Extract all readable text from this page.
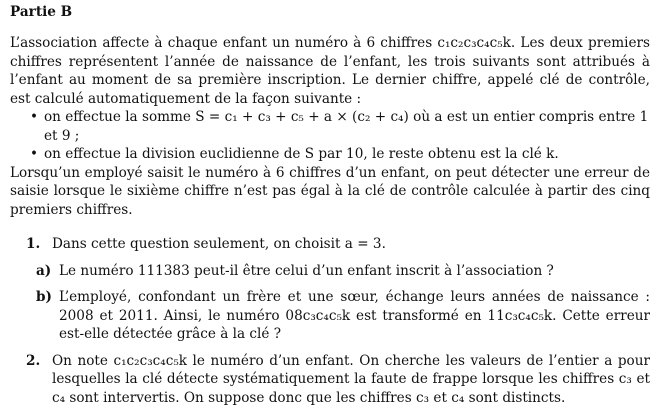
Partie B

L’association affecte à chaque enfant un numéro à 6 chiffres c₁c₂c₃c₄c₅k. Les deux premiers chiffres représentent l’année de naissance de l’enfant, les trois suivants sont attribués à l’enfant au moment de sa première inscription. Le dernier chiffre, appelé clé de contrôle, est calculé automatiquement de la façon suivante :

• on effectue la somme S = c₁ + c₃ + c₅ + a × (c₂ + c₄) où a est un entier compris entre 1 et 9 ;
• on effectue la division euclidienne de S par 10, le reste obtenu est la clé k.

Lorsqu’un employé saisit le numéro à 6 chiffres d’un enfant, on peut détecter une erreur de saisie lorsque le sixième chiffre n’est pas égal à la clé de contrôle calculée à partir des cinq premiers chiffres.

1. Dans cette question seulement, on choisit a = 3.
a) Le numéro 111383 peut-il être celui d’un enfant inscrit à l’association ?
b) L’employé, confondant un frère et une sœur, échange leurs années de naissance : 2008 et 2011. Ainsi, le numéro 08c₃c₄c₅k est transformé en 11c₃c₄c₅k. Cette erreur est-elle détectée grâce à la clé ?
2. On note c₁c₂c₃c₄c₅k le numéro d’un enfant. On cherche les valeurs de l’entier a pour lesquelles la clé détecte systématiquement la faute de frappe lorsque les chiffres c₃ et c₄ sont intervertis. On suppose donc que les chiffres c₃ et c₄ sont distincts.
